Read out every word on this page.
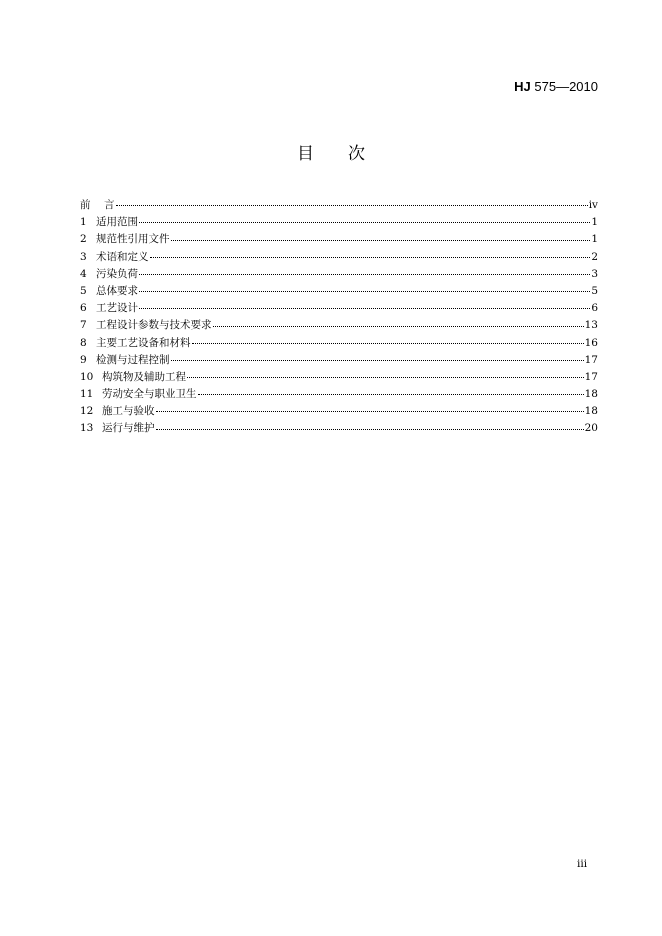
HJ 575—2010
目 次
前	言	iv
1 适用范围	1
2 规范性引用文件	1
3 术语和定义	2
4 污染负荷	3
5 总体要求	5
6 工艺设计	6
7 工程设计参数与技术要求	13
8 主要工艺设备和材料	16
9 检测与过程控制	17
10 构筑物及辅助工程	17
11 劳动安全与职业卫生	18
12 施工与验收	18
13 运行与维护	20
iii
